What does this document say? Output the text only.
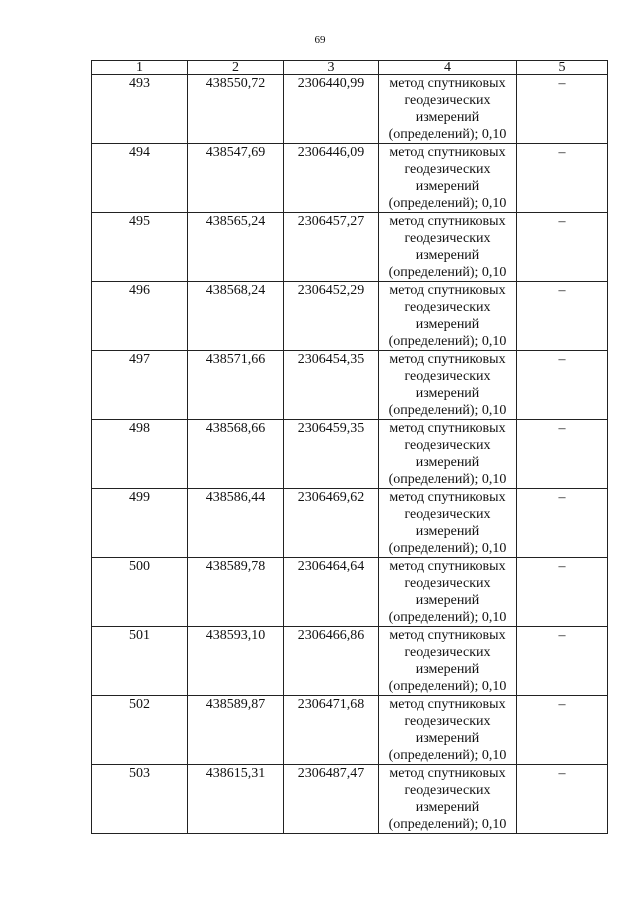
69
1	2	3	4	5
493	438550,72	2306440,99	метод спутниковых
геодезических
измерений
(определений); 0,10	–
494	438547,69	2306446,09	метод спутниковых
геодезических
измерений
(определений); 0,10	–
495	438565,24	2306457,27	метод спутниковых
геодезических
измерений
(определений); 0,10	–
496	438568,24	2306452,29	метод спутниковых
геодезических
измерений
(определений); 0,10	–
497	438571,66	2306454,35	метод спутниковых
геодезических
измерений
(определений); 0,10	–
498	438568,66	2306459,35	метод спутниковых
геодезических
измерений
(определений); 0,10	–
499	438586,44	2306469,62	метод спутниковых
геодезических
измерений
(определений); 0,10	–
500	438589,78	2306464,64	метод спутниковых
геодезических
измерений
(определений); 0,10	–
501	438593,10	2306466,86	метод спутниковых
геодезических
измерений
(определений); 0,10	–
502	438589,87	2306471,68	метод спутниковых
геодезических
измерений
(определений); 0,10	–
503	438615,31	2306487,47	метод спутниковых
геодезических
измерений
(определений); 0,10	–
